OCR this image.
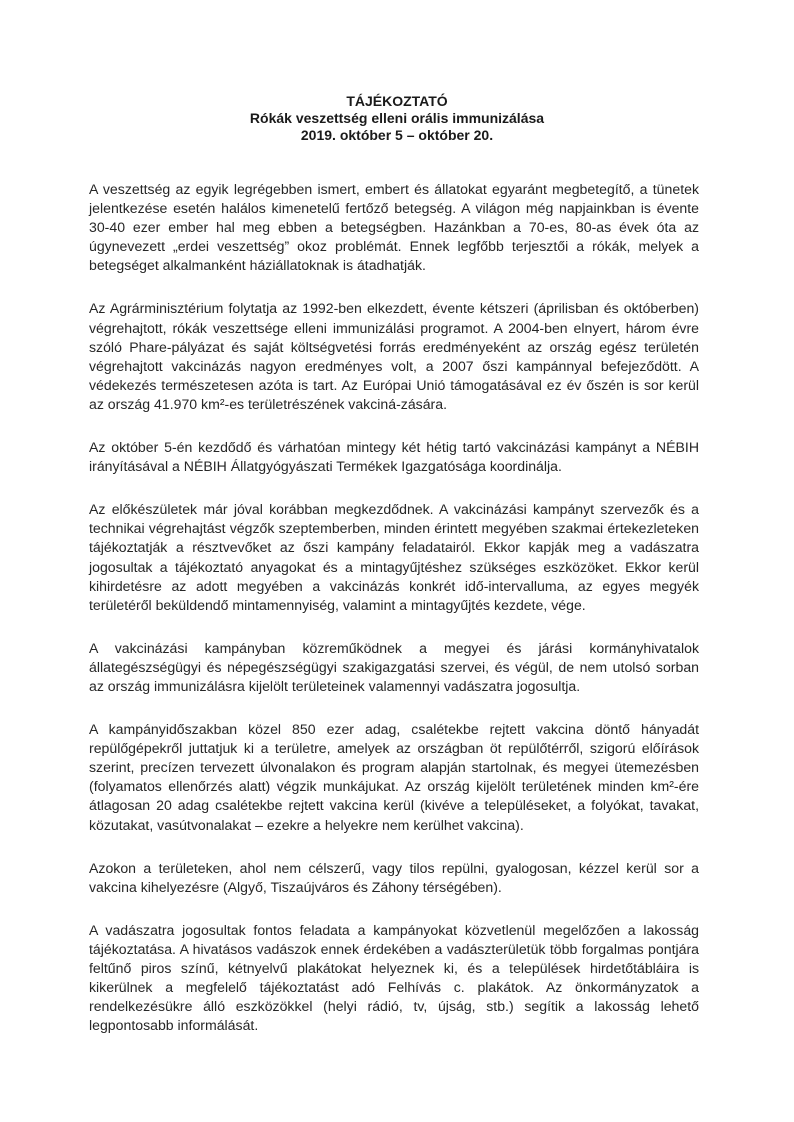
TÁJÉKOZTATÓ
Rókák veszettség elleni orális immunizálása
2019. október 5 – október 20.

A veszettség az egyik legrégebben ismert, embert és állatokat egyaránt megbetegítő, a tünetek jelentkezése esetén halálos kimenetelű fertőző betegség. A világon még napjainkban is évente 30-40 ezer ember hal meg ebben a betegségben. Hazánkban a 70-es, 80-as évek óta az úgynevezett „erdei veszettség” okoz problémát. Ennek legfőbb terjesztői a rókák, melyek a betegséget alkalmanként háziállatoknak is átadhatják.

Az Agrárminisztérium folytatja az 1992-ben elkezdett, évente kétszeri (áprilisban és októberben) végrehajtott, rókák veszettsége elleni immunizálási programot. A 2004-ben elnyert, három évre szóló Phare-pályázat és saját költségvetési forrás eredményeként az ország egész területén végrehajtott vakcinázás nagyon eredményes volt, a 2007 őszi kampánnyal befejeződött. A védekezés természetesen azóta is tart. Az Európai Unió támogatásával ez év őszén is sor kerül az ország 41.970 km²-es területrészének vakciná-zására.

Az október 5-én kezdődő és várhatóan mintegy két hétig tartó vakcinázási kampányt a NÉBIH irányításával a NÉBIH Állatgyógyászati Termékek Igazgatósága koordinálja.

Az előkészületek már jóval korábban megkezdődnek. A vakcinázási kampányt szervezők és a technikai végrehajtást végzők szeptemberben, minden érintett megyében szakmai értekezleteken tájékoztatják a résztvevőket az őszi kampány feladatairól. Ekkor kapják meg a vadászatra jogosultak a tájékoztató anyagokat és a mintagyűjtéshez szükséges eszközöket. Ekkor kerül kihirdetésre az adott megyében a vakcinázás konkrét idő-intervalluma, az egyes megyék területéről beküldendő mintamennyiség, valamint a mintagyűjtés kezdete, vége.

A vakcinázási kampányban közreműködnek a megyei és járási kormányhivatalok állategészségügyi és népegészségügyi szakigazgatási szervei, és végül, de nem utolsó sorban az ország immunizálásra kijelölt területeinek valamennyi vadászatra jogosultja.

A kampányidőszakban közel 850 ezer adag, csalétekbe rejtett vakcina döntő hányadát repülőgépekről juttatjuk ki a területre, amelyek az országban öt repülőtérről, szigorú előírások szerint, precízen tervezett úlvonalakon és program alapján startolnak, és megyei ütemezésben (folyamatos ellenőrzés alatt) végzik munkájukat. Az ország kijelölt területének minden km²-ére átlagosan 20 adag csalétekbe rejtett vakcina kerül (kivéve a településeket, a folyókat, tavakat, közutakat, vasútvonalakat – ezekre a helyekre nem kerülhet vakcina).

Azokon a területeken, ahol nem célszerű, vagy tilos repülni, gyalogosan, kézzel kerül sor a vakcina kihelyezésre (Algyő, Tiszaújváros és Záhony térségében).

A vadászatra jogosultak fontos feladata a kampányokat közvetlenül megelőzően a lakosság tájékoztatása. A hivatásos vadászok ennek érdekében a vadászterületük több forgalmas pontjára feltűnő piros színű, kétnyelvű plakátokat helyeznek ki, és a települések hirdetőtábláira is kikerülnek a megfelelő tájékoztatást adó Felhívás c. plakátok. Az önkormányzatok a rendelkezésükre álló eszközökkel (helyi rádió, tv, újság, stb.) segítik a lakosság lehető legpontosabb informálását.
